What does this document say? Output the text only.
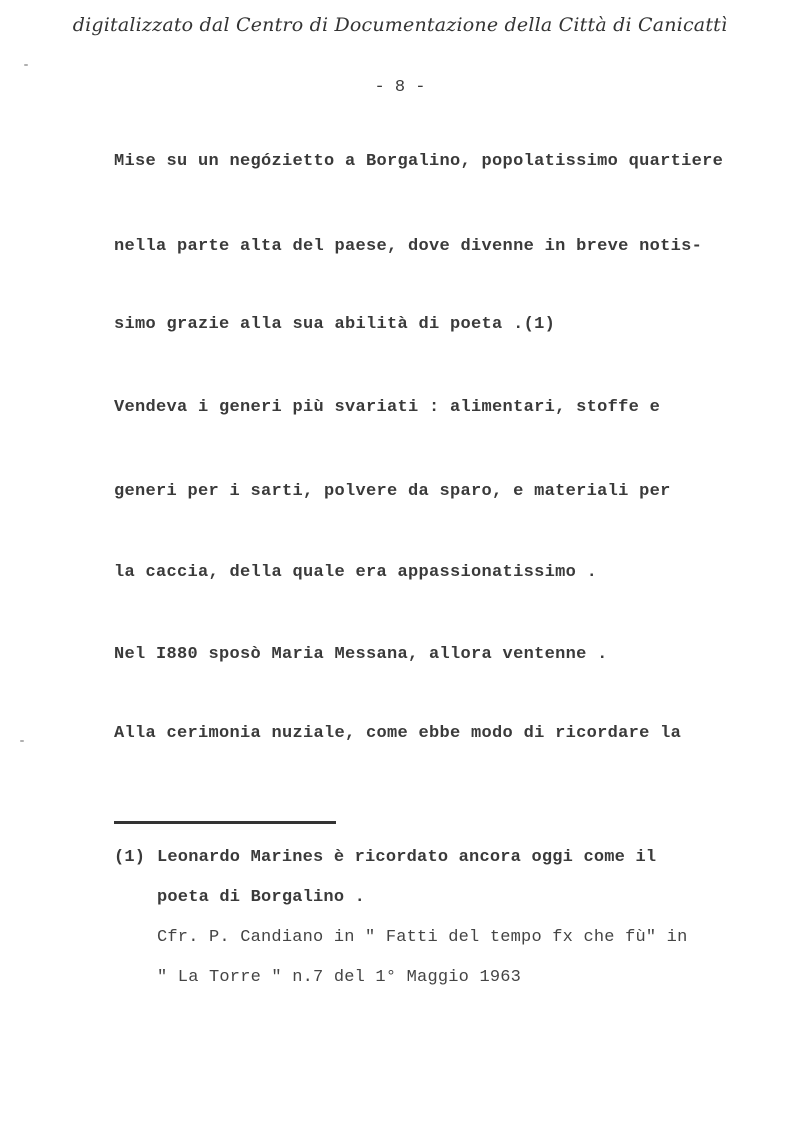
digitalizzato dal Centro di Documentazione della Città di Canicattì
- 8 -
Mise su un negózietto a Borgalino, popolatissimo quartiere
nella parte alta del paese, dove divenne in breve notis-
simo grazie alla sua abilità di poeta .(1)
Vendeva i generi più svariati : alimentari, stoffe e
generi per i sarti, polvere da sparo, e materiali per
la caccia, della quale era appassionatissimo .
Nel I880 sposò Maria Messana, allora ventenne .
Alla cerimonia nuziale, come ebbe modo di ricordare la
(1) Leonardo Marines è ricordato ancora oggi come il
poeta di Borgalino .
Cfr. P. Candiano in " Fatti del tempo fx che fù" in
" La Torre " n.7 del 1° Maggio 1963
